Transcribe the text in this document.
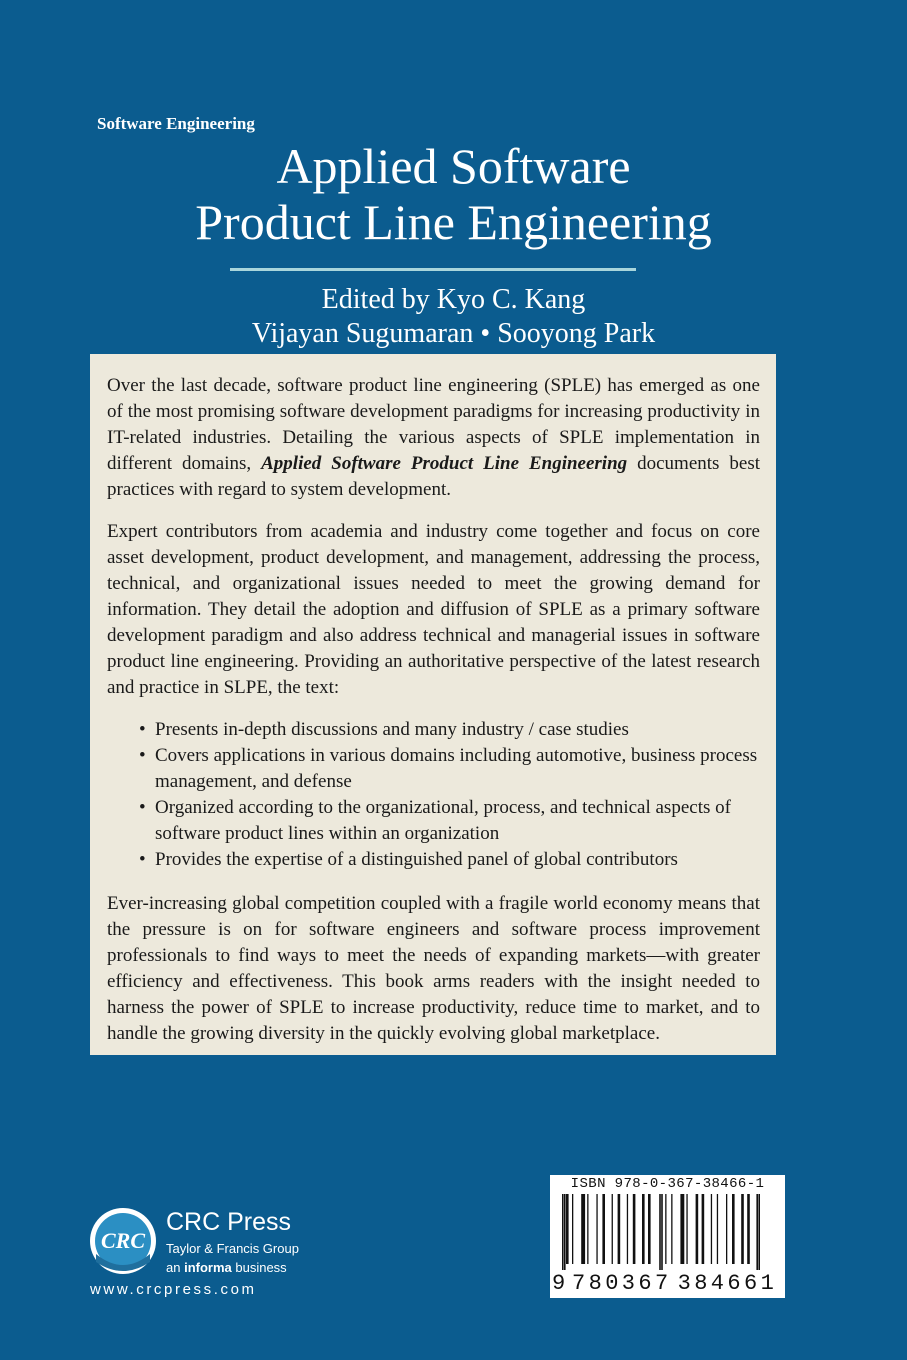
Software Engineering
Applied Software
Product Line Engineering
Edited by Kyo C. Kang
Vijayan Sugumaran • Sooyong Park

Over the last decade, software product line engineering (SPLE) has emerged as one of the most promising software development paradigms for increasing productivity in IT-related industries. Detailing the various aspects of SPLE implementation in different domains, Applied Software Product Line Engineering documents best practices with regard to system development.

Expert contributors from academia and industry come together and focus on core asset development, product development, and management, addressing the process, technical, and organizational issues needed to meet the growing demand for information. They detail the adoption and diffusion of SPLE as a primary software development paradigm and also address technical and managerial issues in software product line engineering. Providing an authoritative perspective of the latest research and practice in SLPE, the text:

• Presents in-depth discussions and many industry / case studies
• Covers applications in various domains including automotive, business process management, and defense
• Organized according to the organizational, process, and technical aspects of software product lines within an organization
• Provides the expertise of a distinguished panel of global contributors

Ever-increasing global competition coupled with a fragile world economy means that the pressure is on for software engineers and software process improvement professionals to find ways to meet the needs of expanding markets—with greater efficiency and effectiveness. This book arms readers with the insight needed to harness the power of SPLE to increase productivity, reduce time to market, and to handle the growing diversity in the quickly evolving global marketplace.

CRC
CRC Press
Taylor & Francis Group
an informa business
www.crcpress.com
ISBN 978-0-367-38466-1
9 7 8 0 3 6 7 3 8 4 6 6 1
